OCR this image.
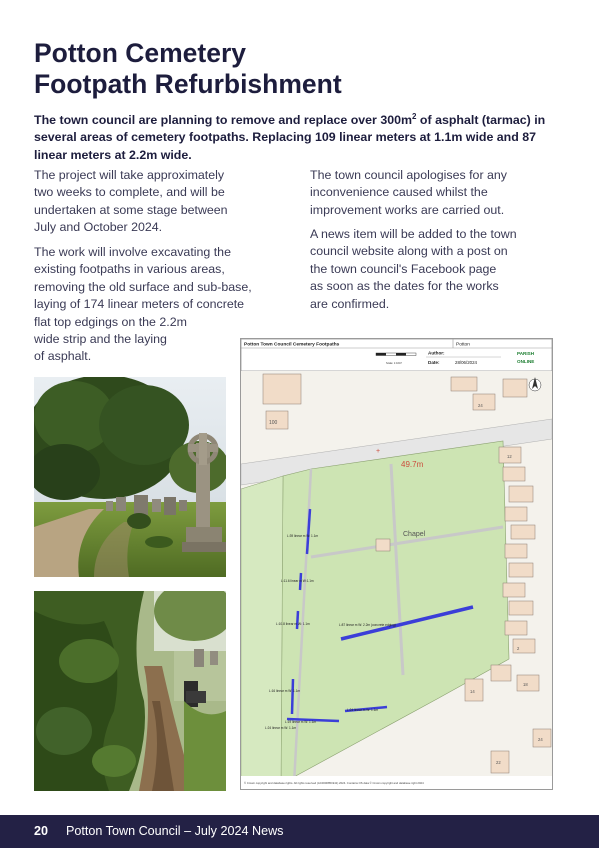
Potton Cemetery
Footpath Refurbishment

The town council are planning to remove and replace over $300m^2$ of asphalt (tarmac) in several areas of cemetery footpaths. Replacing 109 linear meters at 1.1m wide and 87 linear meters at 2.2m wide.

The project will take approximately
two weeks to complete, and will be
undertaken at some stage between
July and October 2024.
The work will involve excavating the
existing footpaths in various areas,
removing the old surface and sub-base,
laying of 174 linear meters of concrete
flat top edgings on the 2.2m
wide strip and the laying
of asphalt.
The town council apologises for any
inconvenience caused whilst the
improvement works are carried out.
A news item will be added to the town
council website along with a post on
the town council's Facebook page
as soon as the dates for the works
are confirmed.
Potton Town Council Cemetery Footpaths	Potton
Scale: 1:1647
Author:
Date:	28/06/2024
PARISH
ONLINE
100
24
+
49.7m
Chapel
12
2
14
18
24
22
L:39 linear m W: 1.1m
L:11.6 linear m W:1.1m
L:10.8 linear m W: 1.1m	L:87 linear m W: 2.2m (concrete edging)
L:16 linear m W: 1.1m
L:19 linear m W: 1.1m
L:24 linear m W: 1.1m
L:24 linear m W: 1.1m
© Crown copyright and database rights. All rights reserved (AC0000851941) 2024. Contains OS data © Crown copyright and database right 2024
20 Potton Town Council – July 2024 News
